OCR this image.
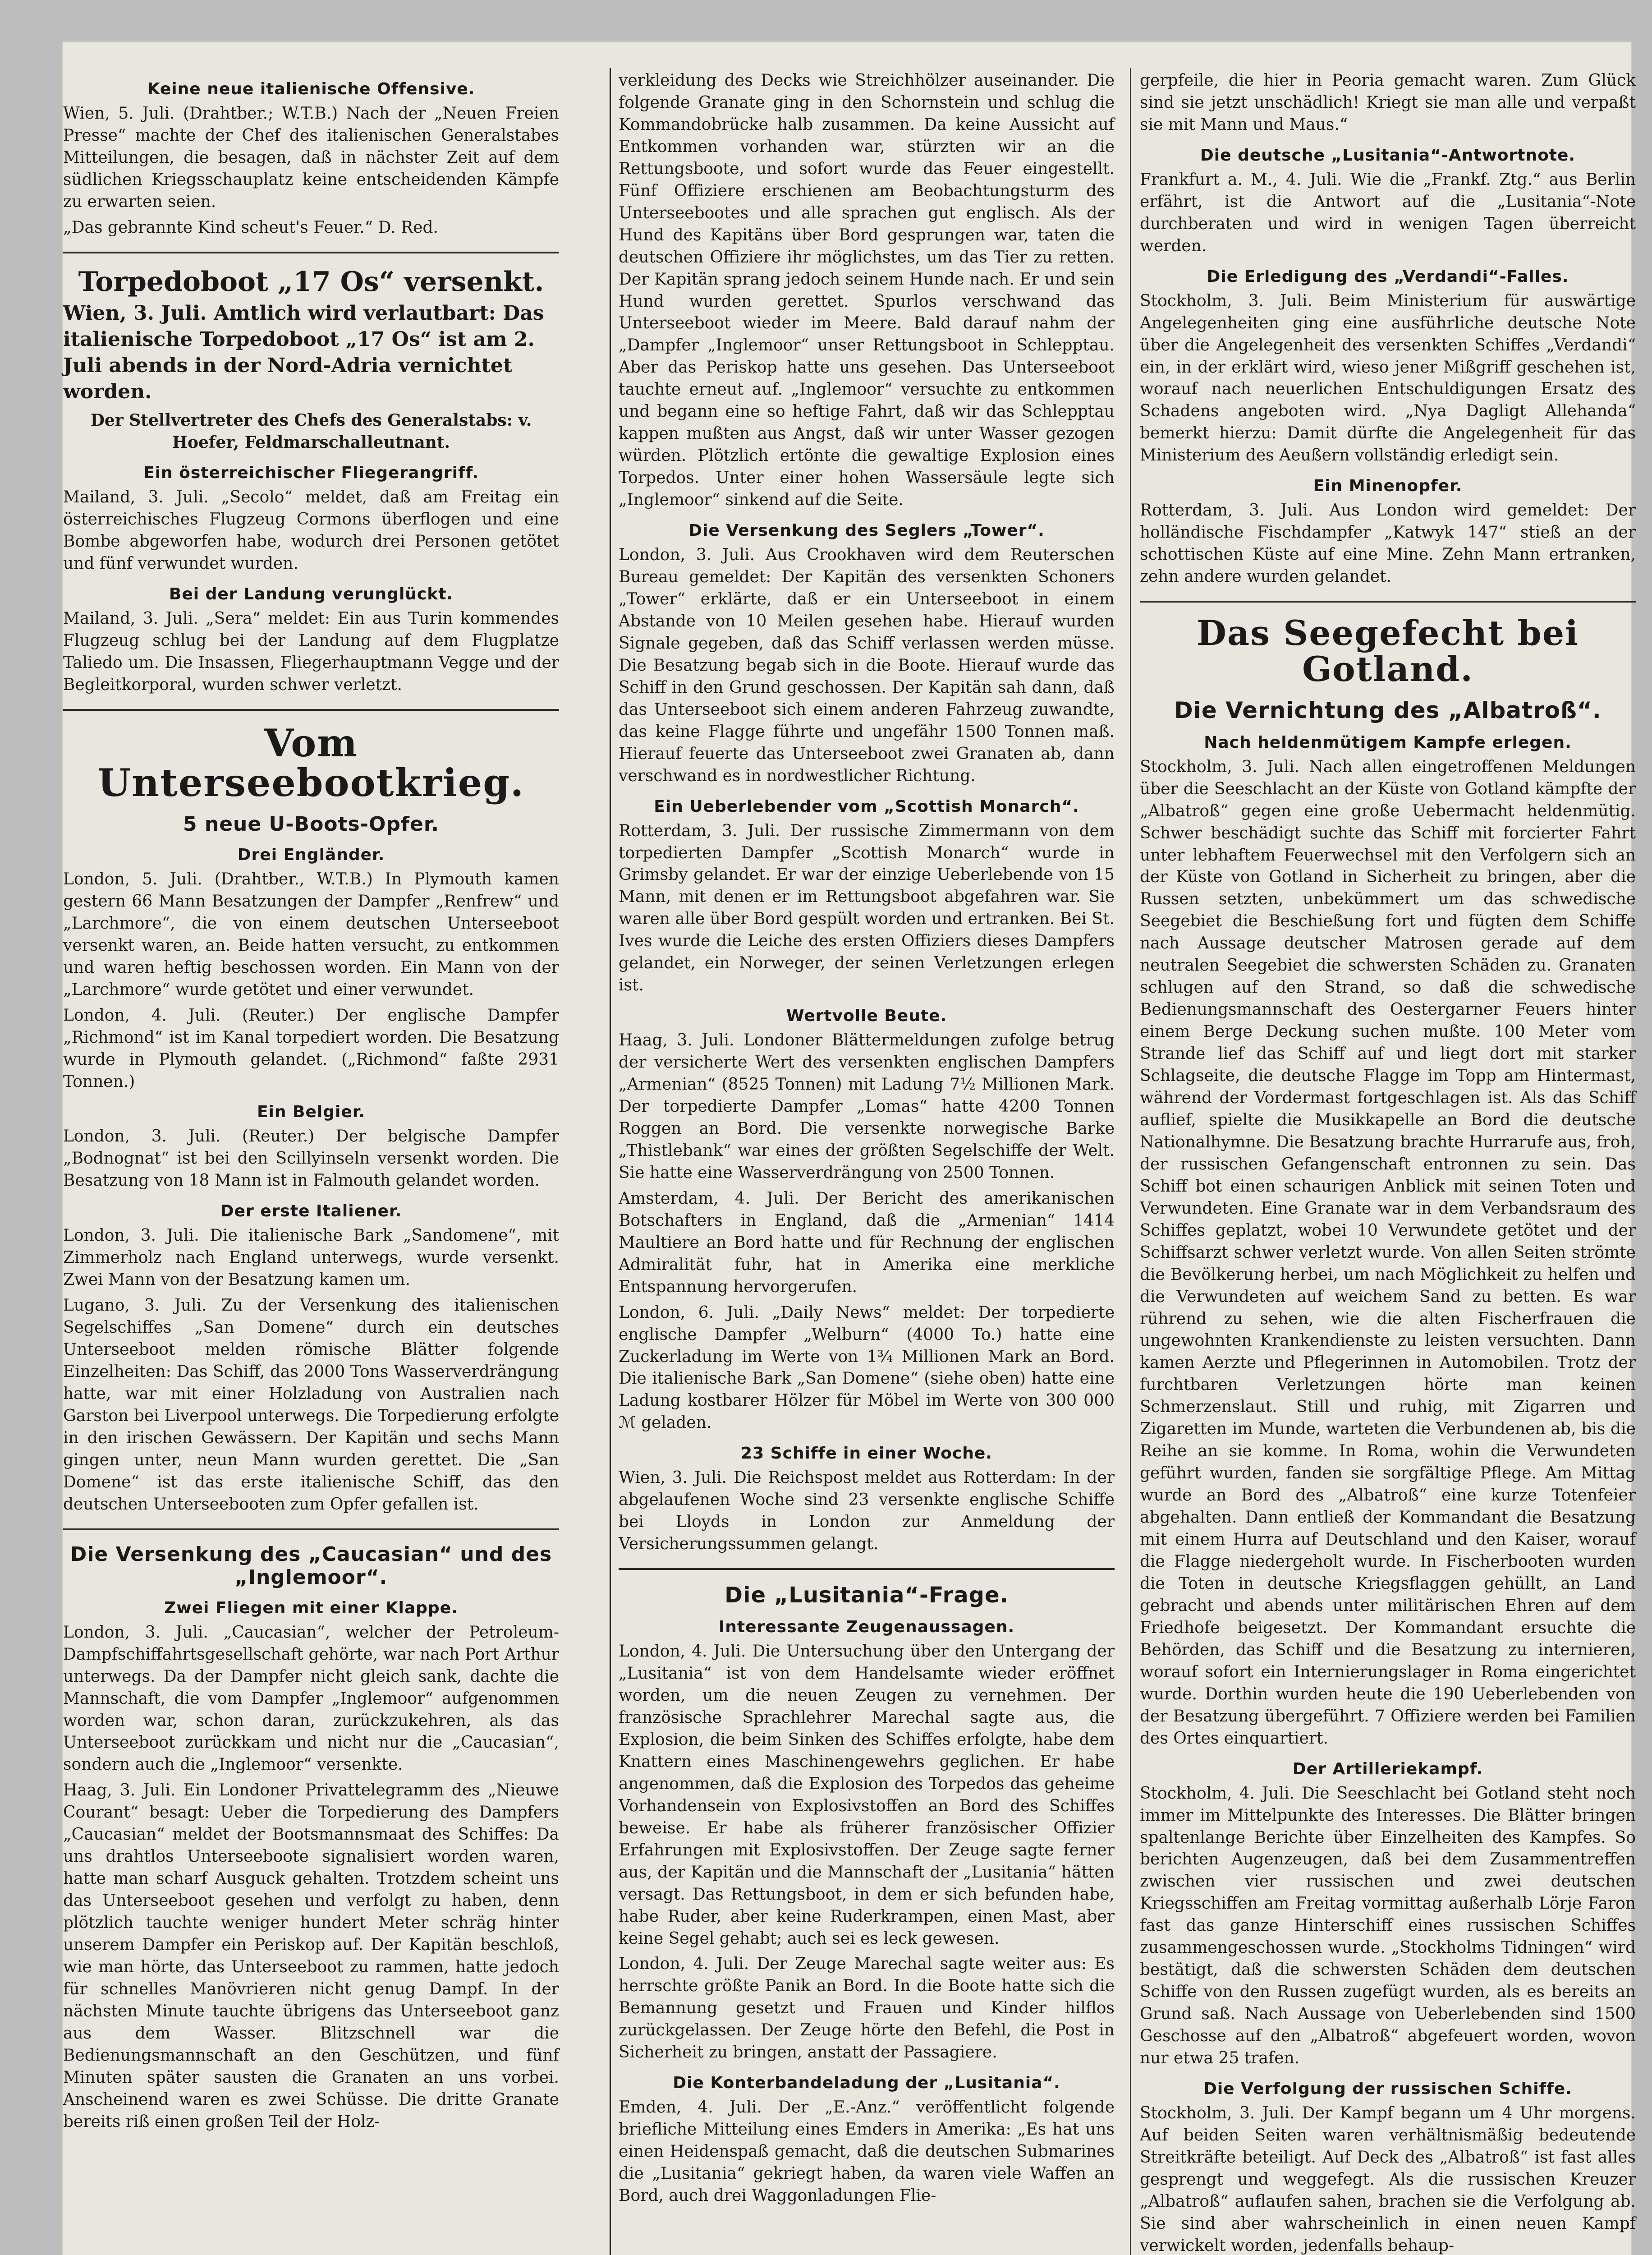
Keine neue italienische Offensive.

Wien, 5. Juli. (Drahtber.; W.T.B.) Nach der „Neuen Freien Presse“ machte der Chef des italienischen Generalstabes Mitteilungen, die besagen, daß in nächster Zeit auf dem südlichen Kriegsschauplatz keine entscheidenden Kämpfe zu erwarten seien.

„Das gebrannte Kind scheut's Feuer.“ D. Red.

Torpedoboot „17 Os“ versenkt.

Wien, 3. Juli. Amtlich wird verlautbart: Das italienische Torpedoboot „17 Os“ ist am 2. Juli abends in der Nord-Adria vernichtet worden.

Der Stellvertreter des Chefs des Generalstabs: v. Hoefer, Feldmarschalleutnant.

Ein österreichischer Fliegerangriff.

Mailand, 3. Juli. „Secolo“ meldet, daß am Freitag ein österreichisches Flugzeug Cormons überflogen und eine Bombe abgeworfen habe, wodurch drei Personen getötet und fünf verwundet wurden.

Bei der Landung verunglückt.

Mailand, 3. Juli. „Sera“ meldet: Ein aus Turin kommendes Flugzeug schlug bei der Landung auf dem Flugplatze Taliedo um. Die Insassen, Fliegerhauptmann Vegge und der Begleitkorporal, wurden schwer verletzt.

Vom Unterseebootkrieg.
5 neue U-Boots-Opfer.
Drei Engländer.

London, 5. Juli. (Drahtber., W.T.B.) In Plymouth kamen gestern 66 Mann Besatzungen der Dampfer „Renfrew“ und „Larchmore“, die von einem deutschen Unterseeboot versenkt waren, an. Beide hatten versucht, zu entkommen und waren heftig beschossen worden. Ein Mann von der „Larchmore“ wurde getötet und einer verwundet.

London, 4. Juli. (Reuter.) Der englische Dampfer „Richmond“ ist im Kanal torpediert worden. Die Besatzung wurde in Plymouth gelandet. („Richmond“ faßte 2931 Tonnen.)

Ein Belgier.

London, 3. Juli. (Reuter.) Der belgische Dampfer „Bodnognat“ ist bei den Scillyinseln versenkt worden. Die Besatzung von 18 Mann ist in Falmouth gelandet worden.

Der erste Italiener.

London, 3. Juli. Die italienische Bark „Sandomene“, mit Zimmerholz nach England unterwegs, wurde versenkt. Zwei Mann von der Besatzung kamen um.

Lugano, 3. Juli. Zu der Versenkung des italienischen Segelschiffes „San Domene“ durch ein deutsches Unterseeboot melden römische Blätter folgende Einzelheiten: Das Schiff, das 2000 Tons Wasserverdrängung hatte, war mit einer Holzladung von Australien nach Garston bei Liverpool unterwegs. Die Torpedierung erfolgte in den irischen Gewässern. Der Kapitän und sechs Mann gingen unter, neun Mann wurden gerettet. Die „San Domene“ ist das erste italienische Schiff, das den deutschen Unterseebooten zum Opfer gefallen ist.

Die Versenkung des „Caucasian“ und des „Inglemoor“.
Zwei Fliegen mit einer Klappe.

London, 3. Juli. „Caucasian“, welcher der Petroleum-Dampfschiffahrtsgesellschaft gehörte, war nach Port Arthur unterwegs. Da der Dampfer nicht gleich sank, dachte die Mannschaft, die vom Dampfer „Inglemoor“ aufgenommen worden war, schon daran, zurückzukehren, als das Unterseeboot zurückkam und nicht nur die „Caucasian“, sondern auch die „Inglemoor“ versenkte.

Haag, 3. Juli. Ein Londoner Privattelegramm des „Nieuwe Courant“ besagt: Ueber die Torpedierung des Dampfers „Caucasian“ meldet der Bootsmannsmaat des Schiffes: Da uns drahtlos Unterseeboote signalisiert worden waren, hatte man scharf Ausguck gehalten. Trotzdem scheint uns das Unterseeboot gesehen und verfolgt zu haben, denn plötzlich tauchte weniger hundert Meter schräg hinter unserem Dampfer ein Periskop auf. Der Kapitän beschloß, wie man hörte, das Unterseeboot zu rammen, hatte jedoch für schnelles Manövrieren nicht genug Dampf. In der nächsten Minute tauchte übrigens das Unterseeboot ganz aus dem Wasser. Blitzschnell war die Bedienungsmannschaft an den Geschützen, und fünf Minuten später sausten die Granaten an uns vorbei. Anscheinend waren es zwei Schüsse. Die dritte Granate bereits riß einen großen Teil der Holz-

verkleidung des Decks wie Streichhölzer auseinander. Die folgende Granate ging in den Schornstein und schlug die Kommandobrücke halb zusammen. Da keine Aussicht auf Entkommen vorhanden war, stürzten wir an die Rettungsboote, und sofort wurde das Feuer eingestellt. Fünf Offiziere erschienen am Beobachtungsturm des Unterseebootes und alle sprachen gut englisch. Als der Hund des Kapitäns über Bord gesprungen war, taten die deutschen Offiziere ihr möglichstes, um das Tier zu retten. Der Kapitän sprang jedoch seinem Hunde nach. Er und sein Hund wurden gerettet. Spurlos verschwand das Unterseeboot wieder im Meere. Bald darauf nahm der „Dampfer „Inglemoor“ unser Rettungsboot in Schlepptau. Aber das Periskop hatte uns gesehen. Das Unterseeboot tauchte erneut auf. „Inglemoor“ versuchte zu entkommen und begann eine so heftige Fahrt, daß wir das Schlepptau kappen mußten aus Angst, daß wir unter Wasser gezogen würden. Plötzlich ertönte die gewaltige Explosion eines Torpedos. Unter einer hohen Wassersäule legte sich „Inglemoor“ sinkend auf die Seite.

Die Versenkung des Seglers „Tower“.

London, 3. Juli. Aus Crookhaven wird dem Reuterschen Bureau gemeldet: Der Kapitän des versenkten Schoners „Tower“ erklärte, daß er ein Unterseeboot in einem Abstande von 10 Meilen gesehen habe. Hierauf wurden Signale gegeben, daß das Schiff verlassen werden müsse. Die Besatzung begab sich in die Boote. Hierauf wurde das Schiff in den Grund geschossen. Der Kapitän sah dann, daß das Unterseeboot sich einem anderen Fahrzeug zuwandte, das keine Flagge führte und ungefähr 1500 Tonnen maß. Hierauf feuerte das Unterseeboot zwei Granaten ab, dann verschwand es in nordwestlicher Richtung.

Ein Ueberlebender vom „Scottish Monarch“.

Rotterdam, 3. Juli. Der russische Zimmermann von dem torpedierten Dampfer „Scottish Monarch“ wurde in Grimsby gelandet. Er war der einzige Ueberlebende von 15 Mann, mit denen er im Rettungsboot abgefahren war. Sie waren alle über Bord gespült worden und ertranken. Bei St. Ives wurde die Leiche des ersten Offiziers dieses Dampfers gelandet, ein Norweger, der seinen Verletzungen erlegen ist.

Wertvolle Beute.

Haag, 3. Juli. Londoner Blättermeldungen zufolge betrug der versicherte Wert des versenkten englischen Dampfers „Armenian“ (8525 Tonnen) mit Ladung 7½ Millionen Mark. Der torpedierte Dampfer „Lomas“ hatte 4200 Tonnen Roggen an Bord. Die versenkte norwegische Barke „Thistlebank“ war eines der größten Segelschiffe der Welt. Sie hatte eine Wasserverdrängung von 2500 Tonnen.

Amsterdam, 4. Juli. Der Bericht des amerikanischen Botschafters in England, daß die „Armenian“ 1414 Maultiere an Bord hatte und für Rechnung der englischen Admiralität fuhr, hat in Amerika eine merkliche Entspannung hervorgerufen.

London, 6. Juli. „Daily News“ meldet: Der torpedierte englische Dampfer „Welburn“ (4000 To.) hatte eine Zuckerladung im Werte von 1¾ Millionen Mark an Bord. Die italienische Bark „San Domene“ (siehe oben) hatte eine Ladung kostbarer Hölzer für Möbel im Werte von 300 000 ℳ geladen.

23 Schiffe in einer Woche.

Wien, 3. Juli. Die Reichspost meldet aus Rotterdam: In der abgelaufenen Woche sind 23 versenkte englische Schiffe bei Lloyds in London zur Anmeldung der Versicherungssummen gelangt.

Die „Lusitania“-Frage.
Interessante Zeugenaussagen.

London, 4. Juli. Die Untersuchung über den Untergang der „Lusitania“ ist von dem Handelsamte wieder eröffnet worden, um die neuen Zeugen zu vernehmen. Der französische Sprachlehrer Marechal sagte aus, die Explosion, die beim Sinken des Schiffes erfolgte, habe dem Knattern eines Maschinengewehrs geglichen. Er habe angenommen, daß die Explosion des Torpedos das geheime Vorhandensein von Explosivstoffen an Bord des Schiffes beweise. Er habe als früherer französischer Offizier Erfahrungen mit Explosivstoffen. Der Zeuge sagte ferner aus, der Kapitän und die Mannschaft der „Lusitania“ hätten versagt. Das Rettungsboot, in dem er sich befunden habe, habe Ruder, aber keine Ruderkrampen, einen Mast, aber keine Segel gehabt; auch sei es leck gewesen.

London, 4. Juli. Der Zeuge Marechal sagte weiter aus: Es herrschte größte Panik an Bord. In die Boote hatte sich die Bemannung gesetzt und Frauen und Kinder hilflos zurückgelassen. Der Zeuge hörte den Befehl, die Post in Sicherheit zu bringen, anstatt der Passagiere.

Die Konterbandeladung der „Lusitania“.

Emden, 4. Juli. Der „E.-Anz.“ veröffentlicht folgende briefliche Mitteilung eines Emders in Amerika: „Es hat uns einen Heidenspaß gemacht, daß die deutschen Submarines die „Lusitania“ gekriegt haben, da waren viele Waffen an Bord, auch drei Waggonladungen Flie-

gerpfeile, die hier in Peoria gemacht waren. Zum Glück sind sie jetzt unschädlich! Kriegt sie man alle und verpaßt sie mit Mann und Maus.“

Die deutsche „Lusitania“-Antwortnote.

Frankfurt a. M., 4. Juli. Wie die „Frankf. Ztg.“ aus Berlin erfährt, ist die Antwort auf die „Lusitania“-Note durchberaten und wird in wenigen Tagen überreicht werden.

Die Erledigung des „Verdandi“-Falles.

Stockholm, 3. Juli. Beim Ministerium für auswärtige Angelegenheiten ging eine ausführliche deutsche Note über die Angelegenheit des versenkten Schiffes „Verdandi“ ein, in der erklärt wird, wieso jener Mißgriff geschehen ist, worauf nach neuerlichen Entschuldigungen Ersatz des Schadens angeboten wird. „Nya Dagligt Allehanda“ bemerkt hierzu: Damit dürfte die Angelegenheit für das Ministerium des Aeußern vollständig erledigt sein.

Ein Minenopfer.

Rotterdam, 3. Juli. Aus London wird gemeldet: Der holländische Fischdampfer „Katwyk 147“ stieß an der schottischen Küste auf eine Mine. Zehn Mann ertranken, zehn andere wurden gelandet.

Das Seegefecht bei Gotland.
Die Vernichtung des „Albatroß“.
Nach heldenmütigem Kampfe erlegen.

Stockholm, 3. Juli. Nach allen eingetroffenen Meldungen über die Seeschlacht an der Küste von Gotland kämpfte der „Albatroß“ gegen eine große Uebermacht heldenmütig. Schwer beschädigt suchte das Schiff mit forcierter Fahrt unter lebhaftem Feuerwechsel mit den Verfolgern sich an der Küste von Gotland in Sicherheit zu bringen, aber die Russen setzten, unbekümmert um das schwedische Seegebiet die Beschießung fort und fügten dem Schiffe nach Aussage deutscher Matrosen gerade auf dem neutralen Seegebiet die schwersten Schäden zu. Granaten schlugen auf den Strand, so daß die schwedische Bedienungsmannschaft des Oestergarner Feuers hinter einem Berge Deckung suchen mußte. 100 Meter vom Strande lief das Schiff auf und liegt dort mit starker Schlagseite, die deutsche Flagge im Topp am Hintermast, während der Vordermast fortgeschlagen ist. Als das Schiff auflief, spielte die Musikkapelle an Bord die deutsche Nationalhymne. Die Besatzung brachte Hurrarufe aus, froh, der russischen Gefangenschaft entronnen zu sein. Das Schiff bot einen schaurigen Anblick mit seinen Toten und Verwundeten. Eine Granate war in dem Verbandsraum des Schiffes geplatzt, wobei 10 Verwundete getötet und der Schiffsarzt schwer verletzt wurde. Von allen Seiten strömte die Bevölkerung herbei, um nach Möglichkeit zu helfen und die Verwundeten auf weichem Sand zu betten. Es war rührend zu sehen, wie die alten Fischerfrauen die ungewohnten Krankendienste zu leisten versuchten. Dann kamen Aerzte und Pflegerinnen in Automobilen. Trotz der furchtbaren Verletzungen hörte man keinen Schmerzenslaut. Still und ruhig, mit Zigarren und Zigaretten im Munde, warteten die Verbundenen ab, bis die Reihe an sie komme. In Roma, wohin die Verwundeten geführt wurden, fanden sie sorgfältige Pflege. Am Mittag wurde an Bord des „Albatroß“ eine kurze Totenfeier abgehalten. Dann entließ der Kommandant die Besatzung mit einem Hurra auf Deutschland und den Kaiser, worauf die Flagge niedergeholt wurde. In Fischerbooten wurden die Toten in deutsche Kriegsflaggen gehüllt, an Land gebracht und abends unter militärischen Ehren auf dem Friedhofe beigesetzt. Der Kommandant ersuchte die Behörden, das Schiff und die Besatzung zu internieren, worauf sofort ein Internierungslager in Roma eingerichtet wurde. Dorthin wurden heute die 190 Ueberlebenden von der Besatzung übergeführt. 7 Offiziere werden bei Familien des Ortes einquartiert.

Der Artilleriekampf.

Stockholm, 4. Juli. Die Seeschlacht bei Gotland steht noch immer im Mittelpunkte des Interesses. Die Blätter bringen spaltenlange Berichte über Einzelheiten des Kampfes. So berichten Augenzeugen, daß bei dem Zusammentreffen zwischen vier russischen und zwei deutschen Kriegsschiffen am Freitag vormittag außerhalb Lörje Faron fast das ganze Hinterschiff eines russischen Schiffes zusammengeschossen wurde. „Stockholms Tidningen“ wird bestätigt, daß die schwersten Schäden dem deutschen Schiffe von den Russen zugefügt wurden, als es bereits an Grund saß. Nach Aussage von Ueberlebenden sind 1500 Geschosse auf den „Albatroß“ abgefeuert worden, wovon nur etwa 25 trafen.

Die Verfolgung der russischen Schiffe.

Stockholm, 3. Juli. Der Kampf begann um 4 Uhr morgens. Auf beiden Seiten waren verhältnismäßig bedeutende Streitkräfte beteiligt. Auf Deck des „Albatroß“ ist fast alles gesprengt und weggefegt. Als die russischen Kreuzer „Albatroß“ auflaufen sahen, brachen sie die Verfolgung ab. Sie sind aber wahrscheinlich in einen neuen Kampf verwickelt worden, jedenfalls behaup-
